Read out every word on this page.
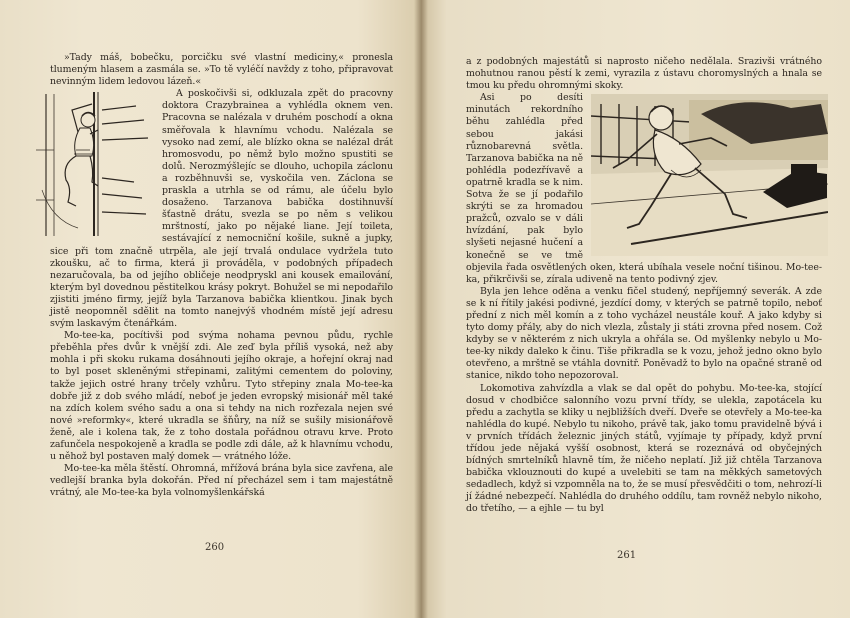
»Tady máš, bobečku, porcičku své vlastní mediciny,« pronesla tlumeným hlasem a zasmála se. »To tě vyléčí navždy z toho, připravovat nevinným lidem ledovou lázeň.«

A poskočivši si, odkluzala zpět do pracovny doktora Crazybrainea a vyhlédla oknem ven. Pracovna se nalézala v druhém poschodí a okna směřovala k hlavnímu vchodu. Nalézala se vysoko nad zemí, ale blízko okna se nalézal drát hromosvodu, po němž bylo možno spustiti se dolů. Nerozmýšlejíc se dlouho, uchopila záclonu a rozběhnuvši se, vyskočila ven. Záclona se praskla a utrhla se od rámu, ale účelu bylo dosaženo. Tarzanova babička dostihnuvší šťastně drátu, svezla se po něm s velikou mrštností, jako po nějaké liane. Její toileta, sestávající z nemocniční košile, sukně a jupky, sice při tom značně utrpěla, ale její trvalá ondulace vydržela tuto zkoušku, ač to firma, která ji prováděla, v podobných případech nezaručovala, ba od jejího obličeje neodpryskl ani kousek emailování, kterým byl dovednou pěstitelkou krásy pokryt. Bohužel se mi nepodařilo zjistiti jméno firmy, jejíž byla Tarzanova babička klientkou. Jinak bych jistě neopomněl sdělit na tomto nanejvýš vhodném místě její adresu svým laskavým čtenářkám.

Mo-tee-ka, pocítivši pod svýma nohama pevnou půdu, rychle přeběhla přes dvůr k vnější zdi. Ale zeď byla příliš vysoká, než aby mohla i při skoku rukama dosáhnouti jejího okraje, a hořejní okraj nad to byl poset skleněnými střepinami, zalitými cementem do poloviny, takže jejich ostré hrany trčely vzhůru. Tyto střepiny znala Mo-tee-ka dobře již z dob svého mládí, neboť je jeden evropský misionář měl také na zdích kolem svého sadu a ona si tehdy na nich rozřezala nejen své nové »reformky«, které ukradla se šňůry, na níž se sušily misionářově ženě, ale i kolena tak, že z toho dostala pořádnou otravu krve. Proto zafunčela nespokojeně a kradla se podle zdi dále, až k hlavnímu vchodu, u něhož byl postaven malý domek — vrátného lóže.

Mo-tee-ka měla štěstí. Ohromná, mřížová brána byla sice zavřena, ale vedlejší branka byla dokořán. Před ní přecházel sem i tam majestátně vrátný, ale Mo-tee-ka byla volnomyšlenkářská

260

a z podobných majestátů si naprosto ničeho nedělala. Srazivši vrátného mohutnou ranou pěstí k zemi, vyrazila z ústavu choromyslných a hnala se tmou ku předu ohromnými skoky.

Asi po desíti minutách rekordního běhu zahlédla před sebou jakási různobarevná světla. Tarzanova babička na ně pohlédla podezřívavě a opatrně kradla se k nim. Sotva že se jí podařilo skrýti se za hromadou pražců, ozvalo se v dáli hvízdání, pak bylo slyšeti nejasné hučení a konečně se ve tmě objevila řada osvětlených oken, která ubíhala vesele noční tišinou. Mo-tee-ka, přikrčivši se, zírala udiveně na tento podivný zjev.

Byla jen lehce oděna a venku fičel studený, nepříjemný severák. A zde se k ní řítily jakési podivné, jezdící domy, v kterých se patrně topilo, neboť přední z nich měl komín a z toho vycházel neustále kouř. A jako kdyby si tyto domy přály, aby do nich vlezla, zůstaly ji státi zrovna před nosem. Což kdyby se v některém z nich ukryla a ohřála se. Od myšlenky nebylo u Mo-tee-ky nikdy daleko k činu. Tiše přikradla se k vozu, jehož jedno okno bylo otevřeno, a mrštně se vtáhla dovnitř. Poněvadž to bylo na opačné straně od stanice, nikdo toho nepozoroval.

Lokomotiva zahvízdla a vlak se dal opět do pohybu. Mo-tee-ka, stojící dosud v chodbičce salonního vozu první třídy, se ulekla, zapotácela ku předu a zachytla se kliky u nejbližších dveří. Dveře se otevřely a Mo-tee-ka nahlédla do kupé. Nebylo tu nikoho, právě tak, jako tomu pravidelně bývá i v prvních třídách železnic jiných států, vyjímaje ty případy, když první třídou jede nějaká vyšší osobnost, která se rozeznává od obyčejných bídných smrtelníků hlavně tím, že ničeho neplatí. Již již chtěla Tarzanova babička vklouznouti do kupé a uvelebiti se tam na měkkých sametových sedadlech, když si vzpomněla na to, že se musí přesvědčiti o tom, nehrozí-li jí žádné nebezpečí. Nahlédla do druhého oddílu, tam rovněž nebylo nikoho, do třetího, — a ejhle — tu byl

261
